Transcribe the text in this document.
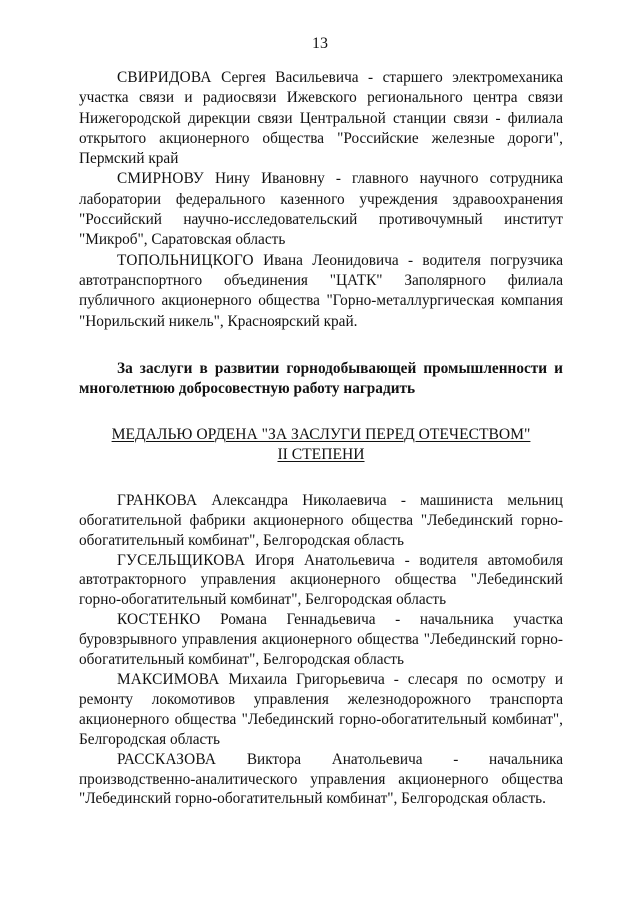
13

СВИРИДОВА Сергея Васильевича - старшего электромеханика участка связи и радиосвязи Ижевского регионального центра связи Нижегородской дирекции связи Центральной станции связи - филиала открытого акционерного общества "Российские железные дороги", Пермский край

СМИРНОВУ Нину Ивановну - главного научного сотрудника лаборатории федерального казенного учреждения здравоохранения "Российский научно-исследовательский противочумный институт "Микроб", Саратовская область

ТОПОЛЬНИЦКОГО Ивана Леонидовича - водителя погрузчика автотранспортного объединения "ЦАТК" Заполярного филиала публичного акционерного общества "Горно-металлургическая компания "Норильский никель", Красноярский край.

За заслуги в развитии горнодобывающей промышленности и многолетнюю добросовестную работу наградить

МЕДАЛЬЮ ОРДЕНА "ЗА ЗАСЛУГИ ПЕРЕД ОТЕЧЕСТВОМ"
II СТЕПЕНИ

ГРАНКОВА Александра Николаевича - машиниста мельниц обогатительной фабрики акционерного общества "Лебединский горно-обогатительный комбинат", Белгородская область

ГУСЕЛЬЩИКОВА Игоря Анатольевича - водителя автомобиля автотракторного управления акционерного общества "Лебединский горно-обогатительный комбинат", Белгородская область

КОСТЕНКО Романа Геннадьевича - начальника участка буровзрывного управления акционерного общества "Лебединский горно-обогатительный комбинат", Белгородская область

МАКСИМОВА Михаила Григорьевича - слесаря по осмотру и ремонту локомотивов управления железнодорожного транспорта акционерного общества "Лебединский горно-обогатительный комбинат", Белгородская область

РАССКАЗОВА Виктора Анатольевича - начальника производственно-аналитического управления акционерного общества "Лебединский горно-обогатительный комбинат", Белгородская область.
